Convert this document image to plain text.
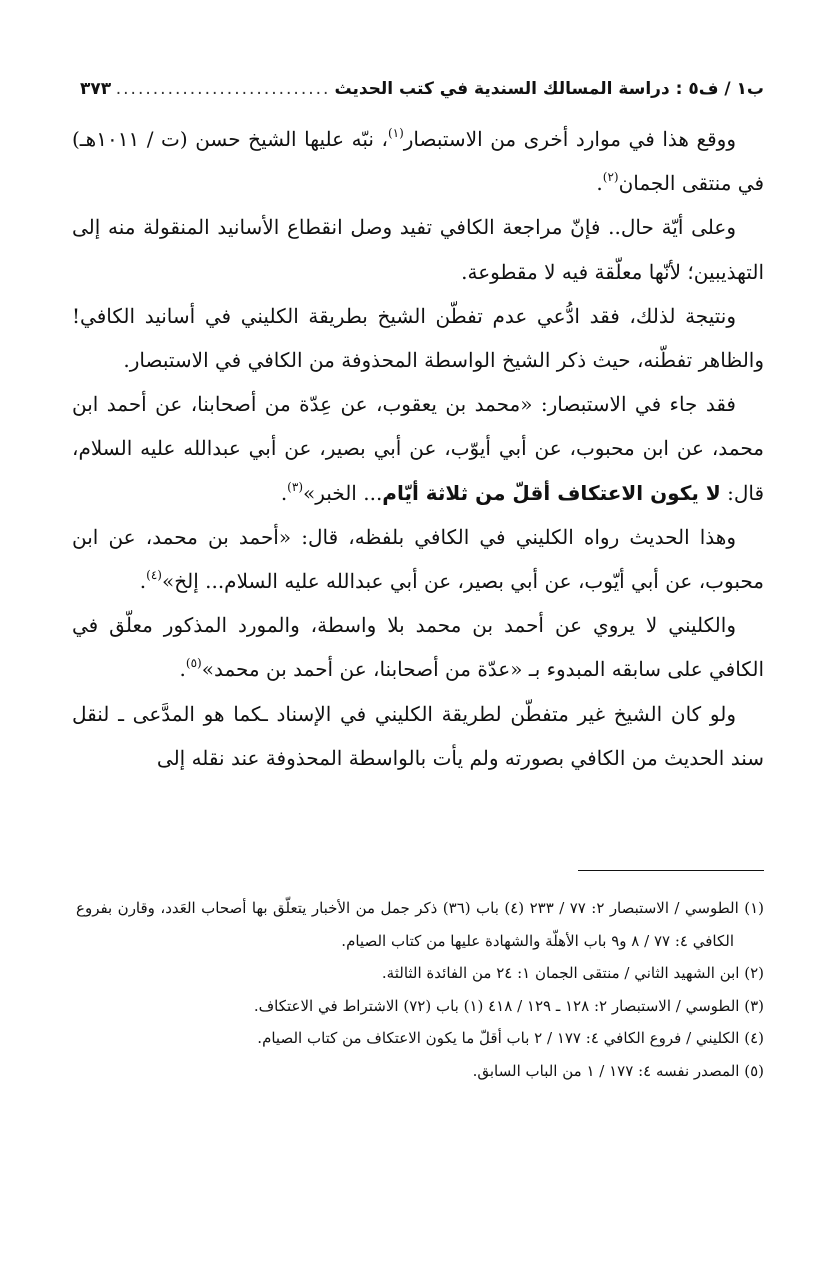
ب١ / ف٥ : دراسة المسالك السندية في كتب الحديث
.....
٣٧٣

ووقع هذا في موارد أخرى من الاستبصار$^{(١)}$، نبّه عليها الشيخ حسن (ت / ١٠١١هـ) في منتقى الجمان$^{(٢)}$.

وعلى أيّة حال.. فإنّ مراجعة الكافي تفيد وصل انقطاع الأسانيد المنقولة منه إلى التهذيبين؛ لأنّها معلّقة فيه لا مقطوعة.

ونتيجة لذلك، فقد ادُّعي عدم تفطّن الشيخ بطريقة الكليني في أسانيد الكافي! والظاهر تفطّنه، حيث ذكر الشيخ الواسطة المحذوفة من الكافي في الاستبصار.

فقد جاء في الاستبصار: «محمد بن يعقوب، عن عِدّة من أصحابنا، عن أحمد ابن محمد، عن ابن محبوب، عن أبي أيوّب، عن أبي بصير، عن أبي عبدالله عليه السلام، قال: لا يكون الاعتكاف أقلّ من ثلاثة أيّام... الخبر»$^{(٣)}$.

وهذا الحديث رواه الكليني في الكافي بلفظه، قال: «أحمد بن محمد، عن ابن محبوب، عن أبي أيّوب، عن أبي بصير، عن أبي عبدالله عليه السلام... إلخ»$^{(٤)}$.

والكليني لا يروي عن أحمد بن محمد بلا واسطة، والمورد المذكور معلّق في الكافي على سابقه المبدوء بـ «عدّة من أصحابنا، عن أحمد بن محمد»$^{(٥)}$.

ولو كان الشيخ غير متفطّن لطريقة الكليني في الإسناد ـكما هو المدَّعى ـ لنقل سند الحديث من الكافي بصورته ولم يأت بالواسطة المحذوفة عند نقله إلى

(١) الطوسي / الاستبصار ٢: ٧٧ / ٢٣٣ (٤) باب (٣٦) ذكر جمل من الأخبار يتعلّق بها أصحاب العَدد، وقارن بفروع الكافي ٤: ٧٧ / ٨ و٩ باب الأهلّة والشهادة عليها من كتاب الصيام.

(٢) ابن الشهيد الثاني / منتقى الجمان ١: ٢٤ من الفائدة الثالثة.

(٣) الطوسي / الاستبصار ٢: ١٢٨ ـ ١٢٩ / ٤١٨ (١) باب (٧٢) الاشتراط في الاعتكاف.

(٤) الكليني / فروع الكافي ٤: ١٧٧ / ٢ باب أقلّ ما يكون الاعتكاف من كتاب الصيام.

(٥) المصدر نفسه ٤: ١٧٧ / ١ من الباب السابق.
